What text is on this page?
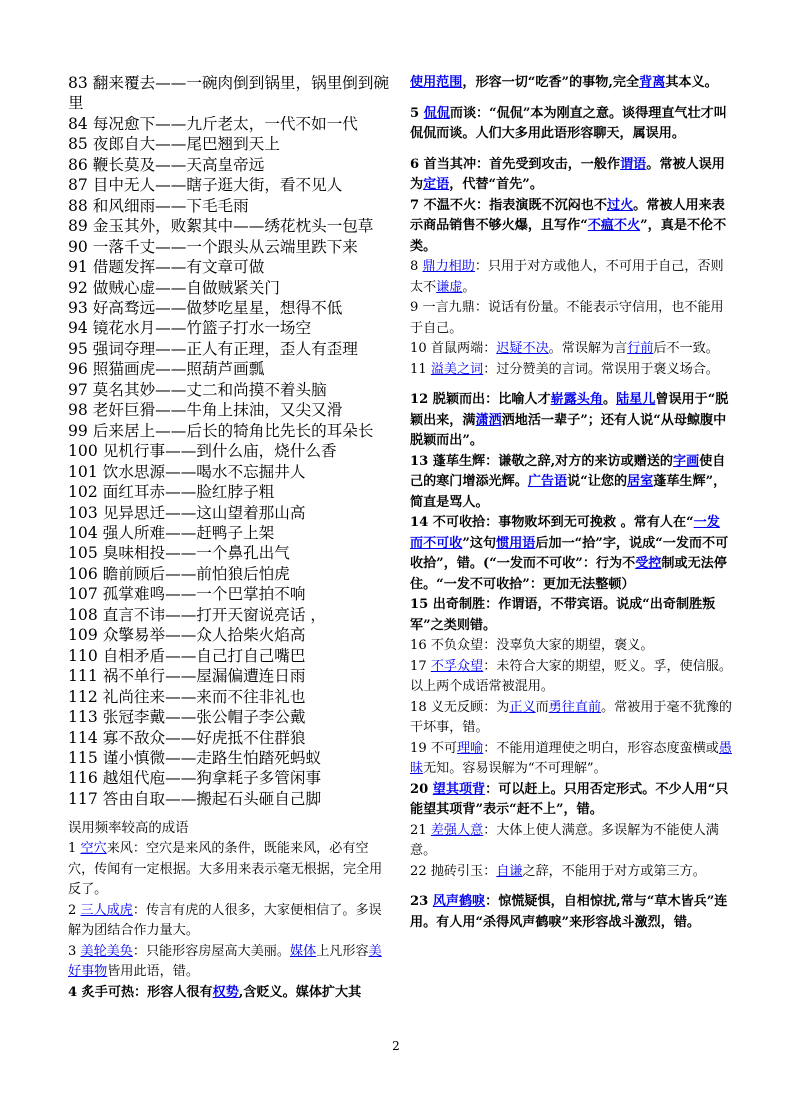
83 翻来覆去——一碗肉倒到锅里，锅里倒到碗里
84 每况愈下——九斤老太，一代不如一代
85 夜郎自大——尾巴翘到天上
86 鞭长莫及——天高皇帝远
87 目中无人——瞎子逛大街，看不见人
88 和风细雨——下毛毛雨
89 金玉其外，败絮其中——绣花枕头一包草
90 一落千丈——一个跟头从云端里跌下来
91 借题发挥——有文章可做
92 做贼心虚——自做贼紧关门
93 好高骛远——做梦吃星星，想得不低
94 镜花水月——竹篮子打水一场空
95 强词夺理——正人有正理，歪人有歪理
96 照猫画虎——照葫芦画瓢
97 莫名其妙——丈二和尚摸不着头脑
98 老奸巨猾——牛角上抹油，又尖又滑
99 后来居上——后长的犄角比先长的耳朵长
100 见机行事——到什么庙，烧什么香
101 饮水思源——喝水不忘掘井人
102 面红耳赤——脸红脖子粗
103 见异思迁——这山望着那山高
104 强人所难——赶鸭子上架
105 臭味相投——一个鼻孔出气
106 瞻前顾后——前怕狼后怕虎
107 孤掌难鸣——一个巴掌拍不响
108 直言不讳——打开天窗说亮话 ，
109 众擎易举——众人拾柴火焰高
110 自相矛盾——自己打自己嘴巴
111 祸不单行——屋漏偏遭连日雨
112 礼尚往来——来而不往非礼也
113 张冠李戴——张公帽子李公戴
114 寡不敌众——好虎抵不住群狼
115 谨小慎微——走路生怕踏死蚂蚁
116 越俎代庖——狗拿耗子多管闲事
117 答由自取——搬起石头砸自己脚
误用频率较高的成语
1 空穴来风：空穴是来风的条件，既能来风，必有空穴，传闻有一定根据。大多用来表示毫无根据，完全用反了。
2 三人成虎：传言有虎的人很多，大家便相信了。多误解为团结合作力量大。
3 美轮美奂：只能形容房屋高大美丽。媒体上凡形容美好事物皆用此语，错。
4 炙手可热：形容人很有权势,含贬义。媒体扩大其
使用范围，形容一切“吃香”的事物,完全背离其本义。
5 侃侃而谈：“侃侃”本为刚直之意。谈得理直气壮才叫侃侃而谈。人们大多用此语形容聊天，属误用。
6 首当其冲：首先受到攻击，一般作谓语。常被人误用为定语，代替“首先”。
7 不温不火：指表演既不沉闷也不过火。常被人用来表示商品销售不够火爆，且写作“不瘟不火”，真是不伦不类。
8 鼎力相助：只用于对方或他人，不可用于自己，否则太不谦虚。
9 一言九鼎：说话有份量。不能表示守信用，也不能用于自己。
10 首鼠两端：迟疑不决。常误解为言行前后不一致。
11 溢美之词：过分赞美的言词。常误用于褒义场合。
12 脱颖而出：比喻人才崭露头角。陆星儿曾误用于“脱颖出来，满潇洒洒地活一辈子”；还有人说“从母鲸腹中脱颖而出”。
13 蓬荜生辉：谦敬之辞,对方的来访或赠送的字画使自己的寒门增添光辉。广告语说“让您的居室蓬荜生辉”，简直是骂人。
14 不可收拾：事物败坏到无可挽救 。常有人在“一发而不可收”这句惯用语后加一“拾”字，说成“一发而不可 收拾”，错。(“一发而不可收”：行为不受控制或无法停住。“一发不可收拾”：更加无法整顿）
15 出奇制胜：作谓语，不带宾语。说成“出奇制胜叛军”之类则错。
16 不负众望：没辜负大家的期望，褒义。
17 不孚众望：未符合大家的期望，贬义。孚，使信服。以上两个成语常被混用。
18 义无反顾：为正义而勇往直前。常被用于毫不犹豫的干坏事，错。
19 不可理喻：不能用道理使之明白，形容态度蛮横或愚昧无知。容易误解为“不可理解”。
20 望其项背：可以赶上。只用否定形式。不少人用“只能望其项背”表示“赶不上”，错。
21 差强人意：大体上使人满意。多误解为不能使人满意。
22 抛砖引玉：自谦之辞，不能用于对方或第三方。
23 风声鹤唳：惊慌疑惧，自相惊扰,常与“草木皆兵”连用。有人用“杀得风声鹤唳”来形容战斗激烈，错。
2
